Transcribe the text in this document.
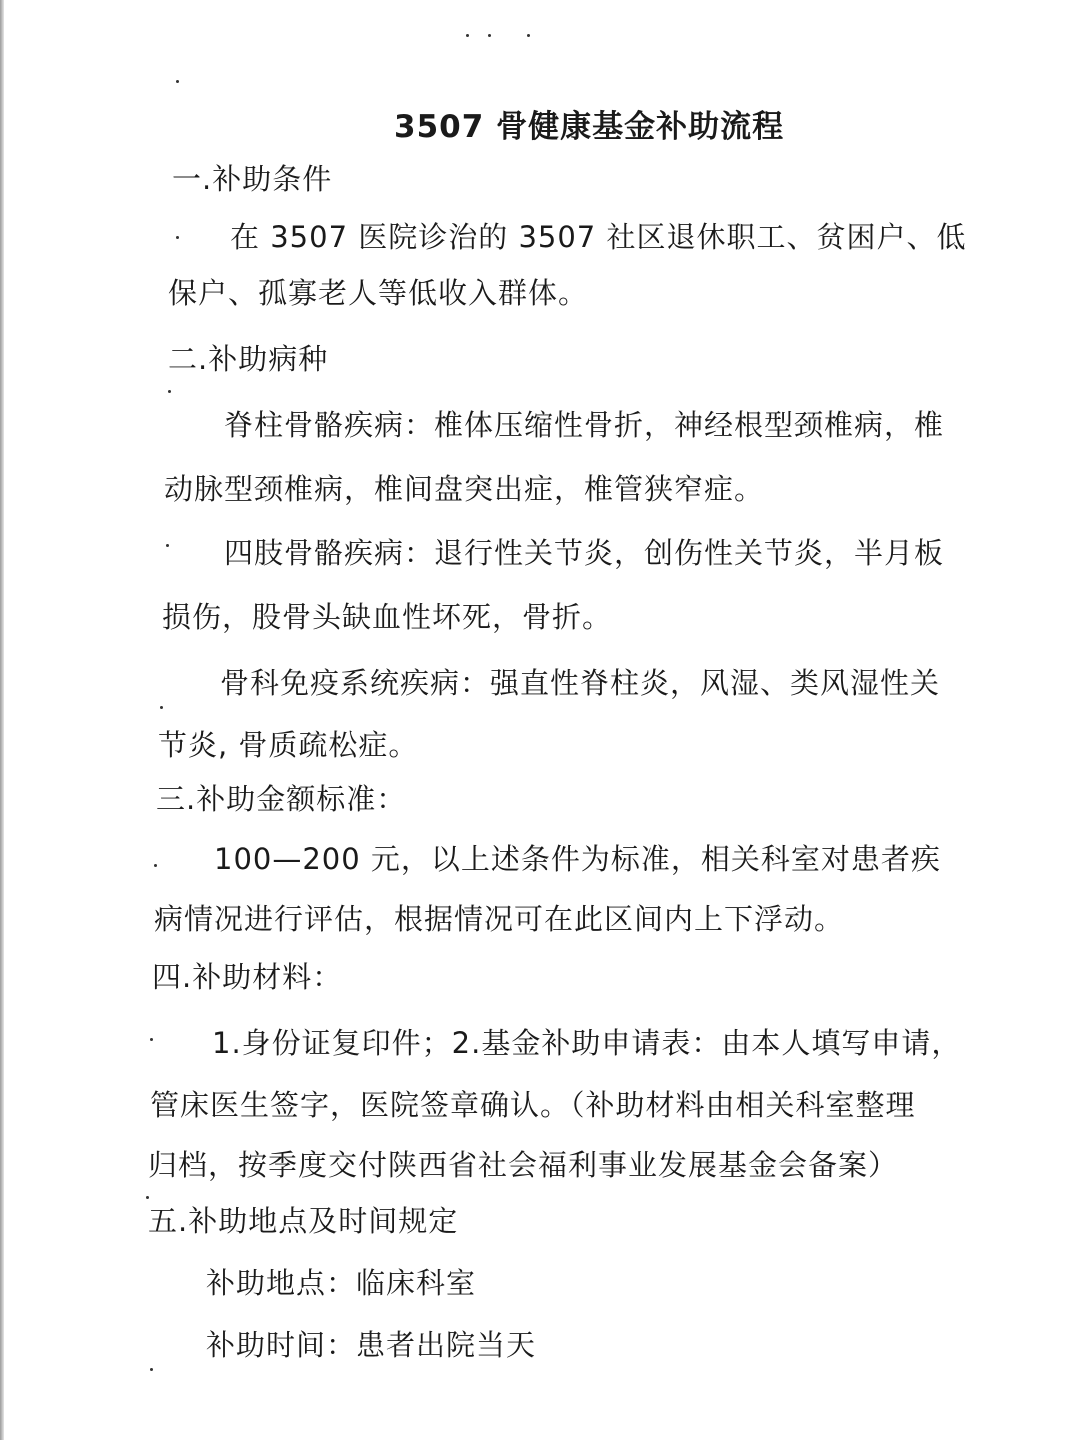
3507 骨健康基金补助流程
一.补助条件
在 3507 医院诊治的 3507 社区退休职工、贫困户、低
保户、孤寡老人等低收入群体。
二.补助病种
脊柱骨骼疾病：椎体压缩性骨折，神经根型颈椎病，椎
动脉型颈椎病，椎间盘突出症，椎管狭窄症。
四肢骨骼疾病：退行性关节炎，创伤性关节炎，半月板
损伤，股骨头缺血性坏死，骨折。
骨科免疫系统疾病：强直性脊柱炎，风湿、类风湿性关
节炎, 骨质疏松症。
三.补助金额标准：
100—200 元，以上述条件为标准，相关科室对患者疾
病情况进行评估，根据情况可在此区间内上下浮动。
四.补助材料：
1.身份证复印件；2.基金补助申请表：由本人填写申请，
管床医生签字，医院签章确认。（补助材料由相关科室整理
归档，按季度交付陕西省社会福利事业发展基金会备案）
五.补助地点及时间规定
补助地点：临床科室
补助时间：患者出院当天
